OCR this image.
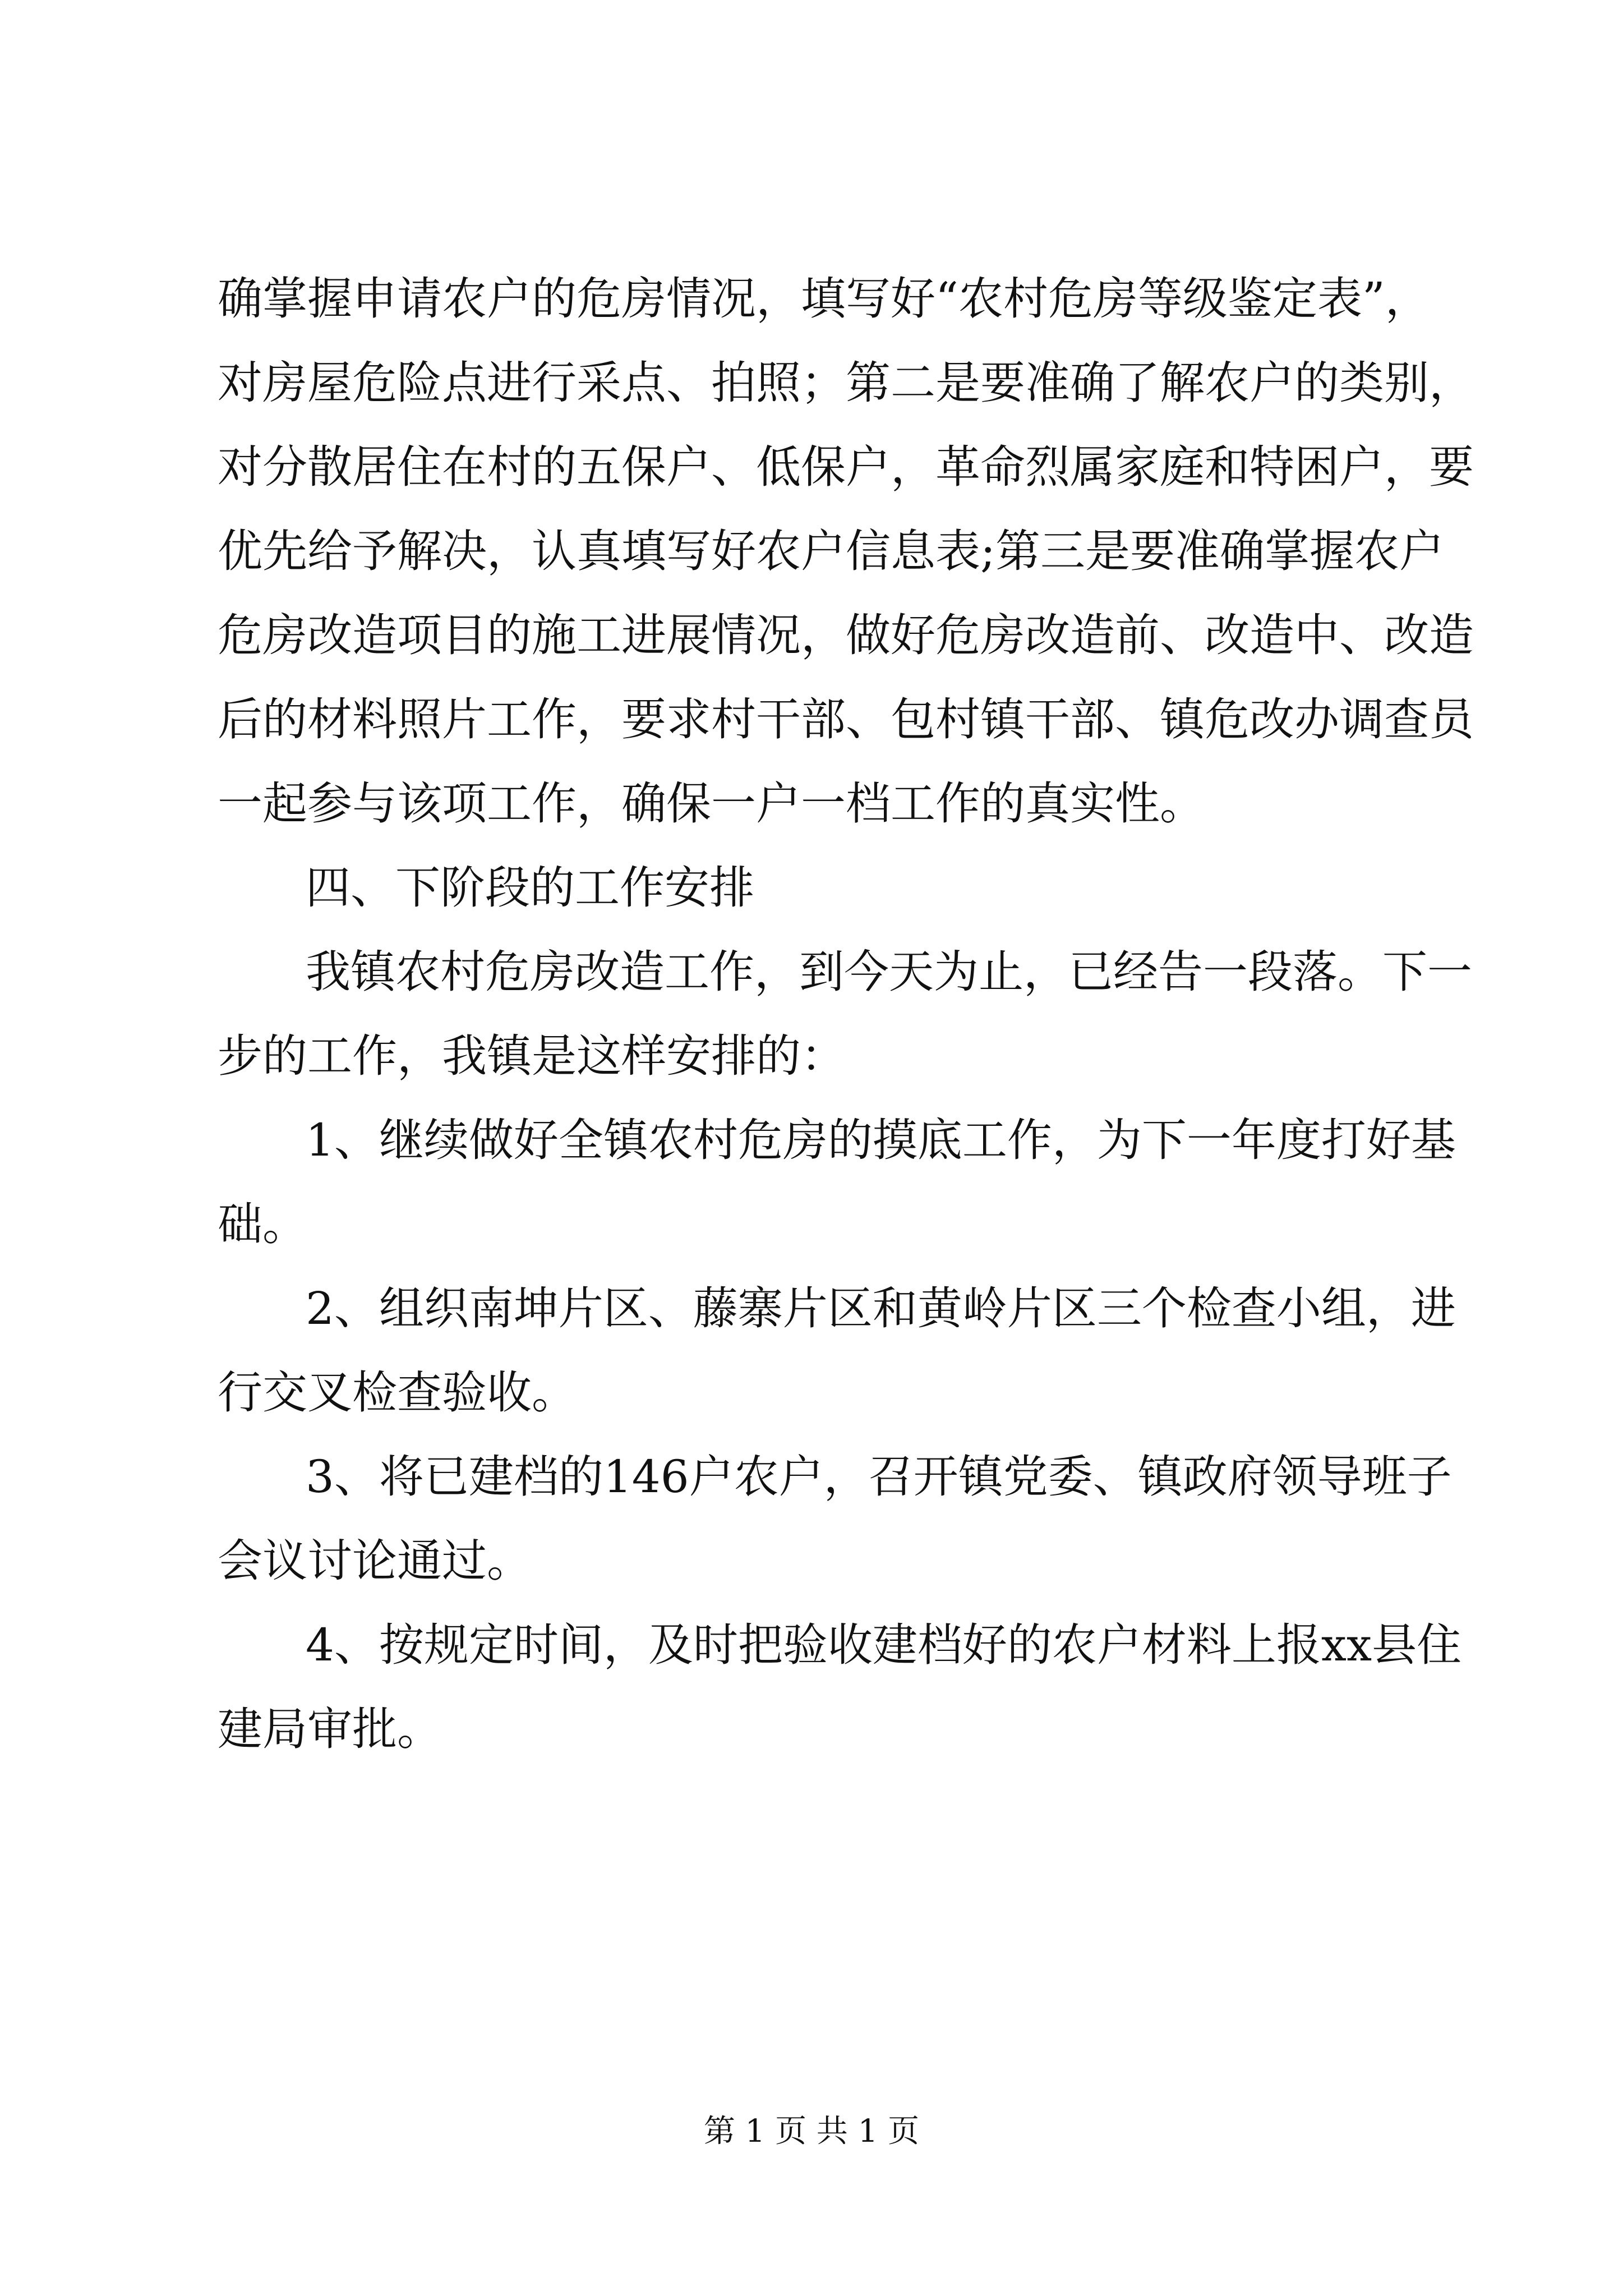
确掌握申请农户的危房情况，填写好“农村危房等级鉴定表”，
对房屋危险点进行采点、拍照；第二是要准确了解农户的类别，
对分散居住在村的五保户、低保户，革命烈属家庭和特困户，要
优先给予解决，认真填写好农户信息表;第三是要准确掌握农户
危房改造项目的施工进展情况，做好危房改造前、改造中、改造
后的材料照片工作，要求村干部、包村镇干部、镇危改办调查员
一起参与该项工作，确保一户一档工作的真实性。
四、下阶段的工作安排
我镇农村危房改造工作，到今天为止，已经告一段落。下一
步的工作，我镇是这样安排的：
1、继续做好全镇农村危房的摸底工作，为下一年度打好基
础。
2、组织南坤片区、藤寨片区和黄岭片区三个检查小组，进
行交叉检查验收。
3、将已建档的146户农户，召开镇党委、镇政府领导班子
会议讨论通过。
4、按规定时间，及时把验收建档好的农户材料上报xx县住
建局审批。
第 1 页 共 1 页
